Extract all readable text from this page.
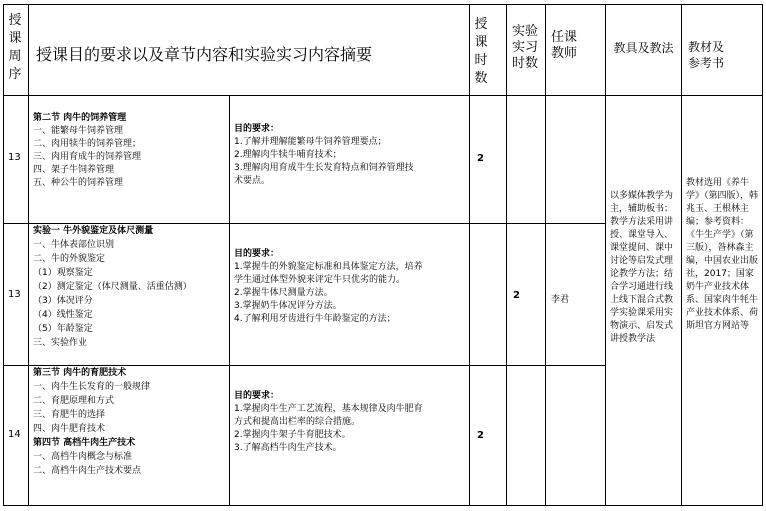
授课周序
授课目的要求以及章节内容和实验实习内容摘要
授课时数
实验实习时数
任课教师	教具及教法	教材及参考书
13
第二节 肉牛的饲养管理
一、能繁母牛饲养管理
二、肉用犊牛的饲养管理；
三、肉用育成牛的饲养管理
四、架子牛饲养管理
五、种公牛的饲养管理
目的要求：
1.了解并理解能繁母牛饲养管理要点；
2.理解肉牛犊牛哺育技术；
3.理解肉用育成牛生长发育特点和饲养管理技
术要点。
2
13
实验一 牛外貌鉴定及体尺测量
一、牛体表部位识别
二、牛的外貌鉴定
（1）观察鉴定
（2）测定鉴定（体尺测量、活重估测）
（3）体况评分
（4）线性鉴定
（5）年龄鉴定
三、实验作业
目的要求：
1.掌握牛的外貌鉴定标准和具体鉴定方法，培养
学生通过体型外貌来评定牛只优劣的能力。
2.掌握牛体尺测量方法。
3.掌握奶牛体况评分方法。
4.了解利用牙齿进行牛年龄鉴定的方法；
2
14
第三节 肉牛的育肥技术
一、肉牛生长发育的一般规律
二、育肥原理和方式
三、育肥牛的选择
四、肉牛肥育技术
第四节 高档牛肉生产技术
一、高档牛肉概念与标准
二、高档牛肉生产技术要点
目的要求：
1.掌握肉牛生产工艺流程，基本规律及肉牛肥育
方式和提高出栏率的综合措施。
2.掌握肉牛架子牛育肥技术。
3.了解高档牛肉生产技术。
2
李君
以多媒体教学为主，辅助板书；教学方法采用讲授、课堂导入、课堂提问、课中讨论等启发式理论教学方法；结合学习通进行线上线下混合式教学实验课采用实物演示、启发式讲授教学法
教材选用《养牛学》（第四版），韩兆玉、王根林主编；参考资料：《牛生产学》（第三版），昝林森主编，中国农业出版社，2017；国家奶牛产业技术体系、国家肉牛牦牛产业技术体系、荷斯坦官方网站等
